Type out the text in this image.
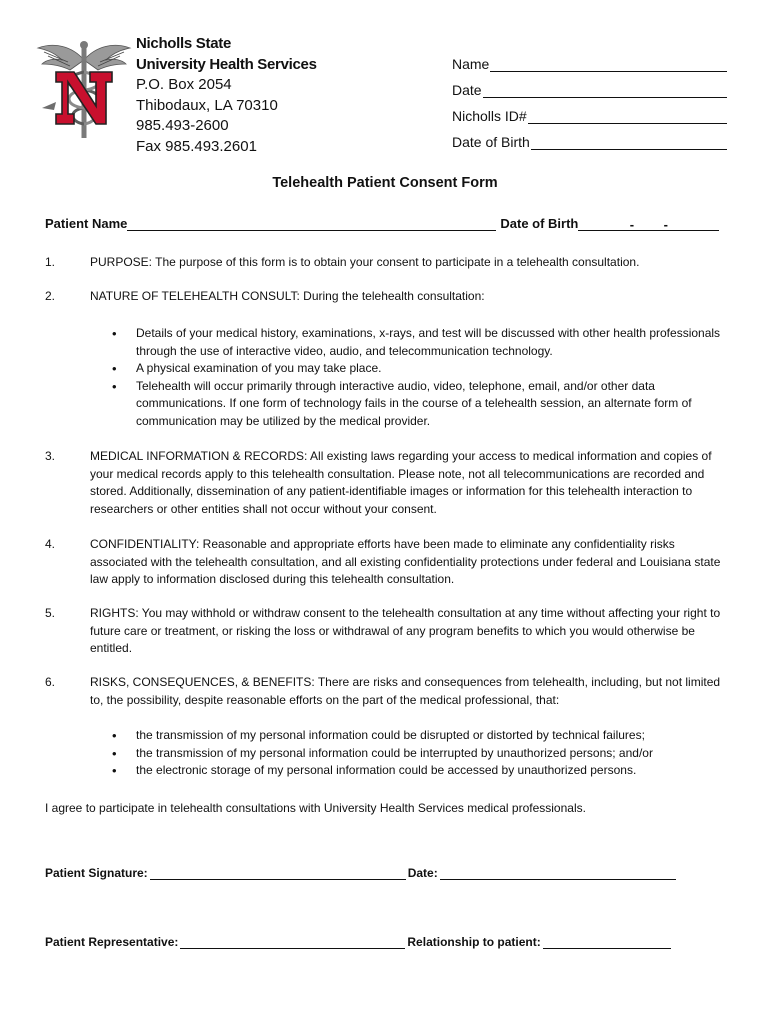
Nicholls State
University Health Services
P.O. Box 2054
Thibodaux, LA 70310
985.493-2600
Fax 985.493.2601
Name
Date
Nicholls ID#
Date of Birth
Telehealth Patient Consent Form
Patient Name	Date of Birth	- -
1.	PURPOSE: The purpose of this form is to obtain your consent to participate in a telehealth consultation.
2.	NATURE OF TELEHEALTH CONSULT: During the telehealth consultation:
• Details of your medical history, examinations, x-rays, and test will be discussed with other health professionals through the use of interactive video, audio, and telecommunication technology.
• A physical examination of you may take place.
• Telehealth will occur primarily through interactive audio, video, telephone, email, and/or other data communications. If one form of technology fails in the course of a telehealth session, an alternate form of communication may be utilized by the medical provider.
3.	MEDICAL INFORMATION & RECORDS: All existing laws regarding your access to medical information and copies of your medical records apply to this telehealth consultation. Please note, not all telecommunications are recorded and stored. Additionally, dissemination of any patient-identifiable images or information for this telehealth interaction to researchers or other entities shall not occur without your consent.
4.	CONFIDENTIALITY: Reasonable and appropriate efforts have been made to eliminate any confidentiality risks associated with the telehealth consultation, and all existing confidentiality protections under federal and Louisiana state law apply to information disclosed during this telehealth consultation.
5.	RIGHTS: You may withhold or withdraw consent to the telehealth consultation at any time without affecting your right to future care or treatment, or risking the loss or withdrawal of any program benefits to which you would otherwise be entitled.
6.	RISKS, CONSEQUENCES, & BENEFITS: There are risks and consequences from telehealth, including, but not limited to, the possibility, despite reasonable efforts on the part of the medical professional, that:
• the transmission of my personal information could be disrupted or distorted by technical failures;
• the transmission of my personal information could be interrupted by unauthorized persons; and/or
• the electronic storage of my personal information could be accessed by unauthorized persons.
I agree to participate in telehealth consultations with University Health Services medical professionals.
Patient Signature:	Date:
Patient Representative:	Relationship to patient:
